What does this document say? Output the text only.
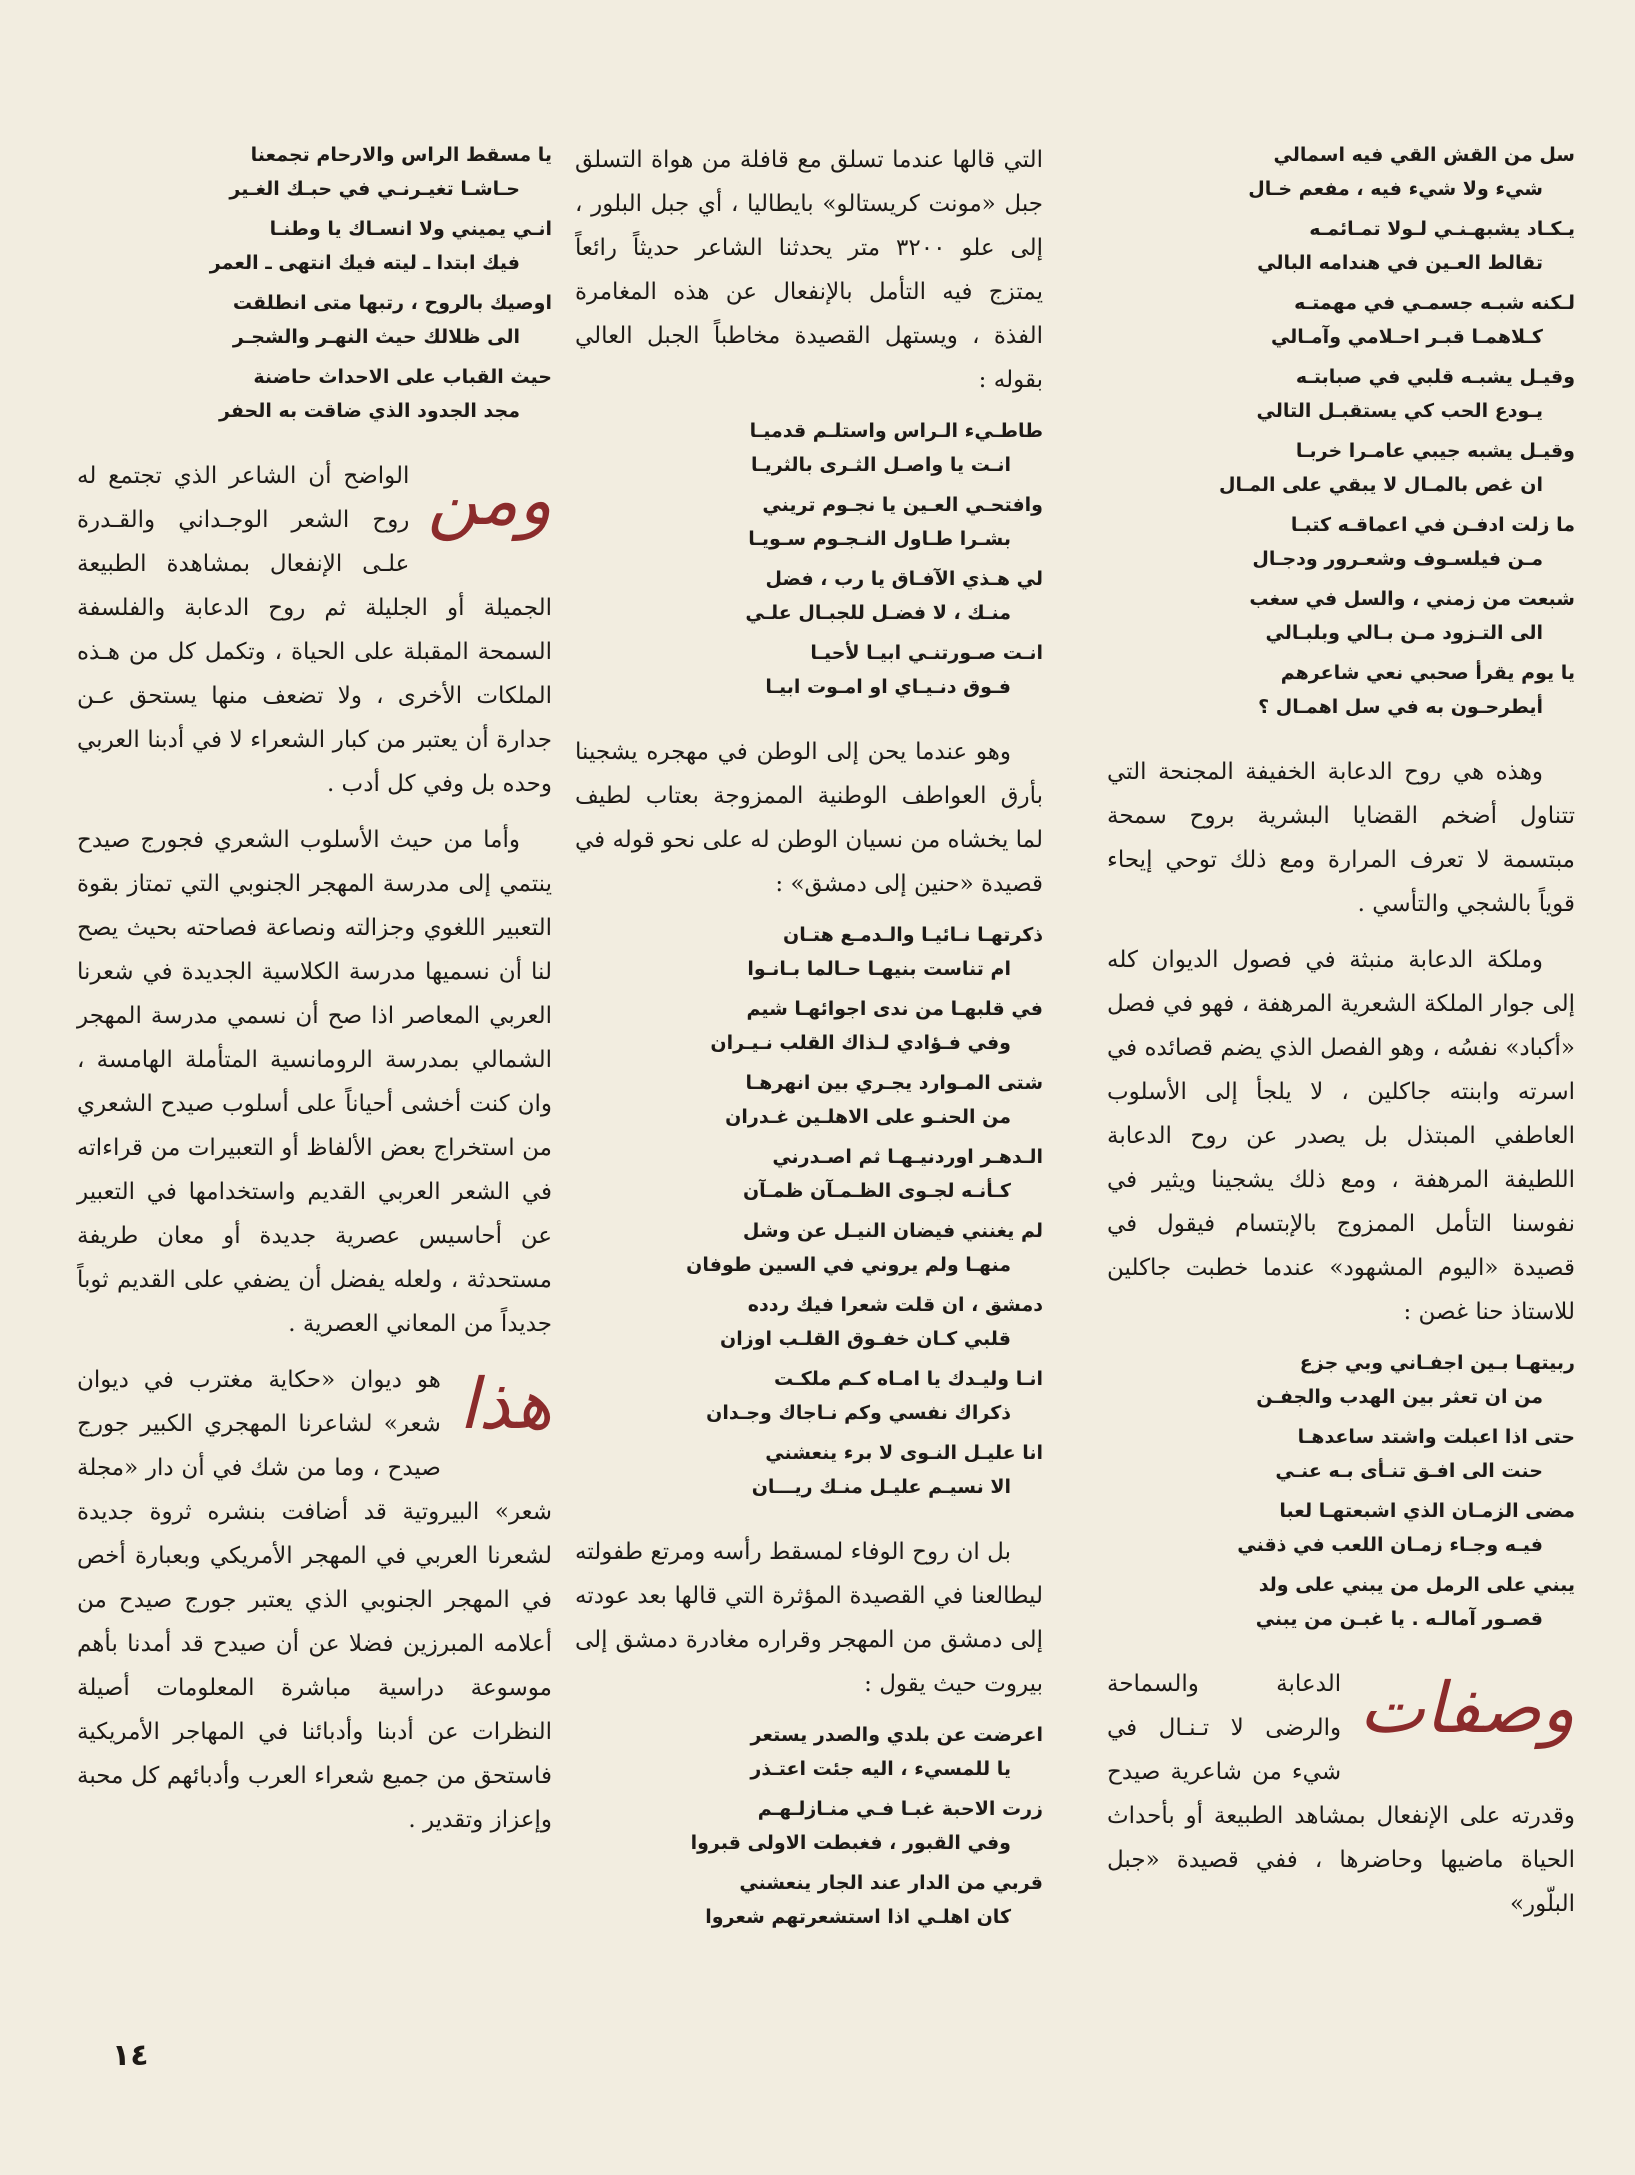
سل من القش القي فيه اسمالي
شيء ولا شيء فيه ، مفعم خـال
يـكـاد يشبهـنـي لـولا تمـائمـه
تقالط العـين في هندامه البالي
لـكنه شبـه جسمـي في مهمتـه
كـلاهمـا قبـر احـلامي وآمـالي
وقيـل يشبـه قلبي في صبابتـه
يـودع الحب كي يستقبـل التالي
وقيـل يشبه جيبي عامـرا خربـا
ان غص بالمـال لا يبقي على المـال
ما زلت ادفـن في اعماقـه كتبـا
مـن فيلسـوف وشعـرور ودجـال
شبعت من زمني ، والسل في سغب
الى التـزود مـن بـالي وبلبـالي
يا يوم يقرأ صحبي نعي شاعرهم
أيطرحـون به في سل اهمـال ؟

وهذه هي روح الدعابة الخفيفة المجنحة التي تتناول أضخم القضايا البشرية بروح سمحة مبتسمة لا تعرف المرارة ومع ذلك توحي إيحاء قوياً بالشجي والتأسي .

وملكة الدعابة منبثة في فصول الديوان كله إلى جوار الملكة الشعرية المرهفة ، فهو في فصل «أكباد» نفسُه ، وهو الفصل الذي يضم قصائده في اسرته وابنته جاكلين ، لا يلجأ إلى الأسلوب العاطفي المبتذل بل يصدر عن روح الدعابة اللطيفة المرهفة ، ومع ذلك يشجينا ويثير في نفوسنا التأمل الممزوج بالإبتسام فيقول في قصيدة «اليوم المشهود» عندما خطبت جاكلين للاستاذ حنا غصن :

ربيتهـا بـين اجفـاني وبي جزع
من ان تعثر بين الهدب والجفـن
حتى اذا اعبلت واشتد ساعدهـا
حنت الى افـق تنـأى بـه عنـي
مضى الزمـان الذي اشبعتهـا لعبا
فيـه وجـاء زمـان اللعب في ذقني
يبني على الرمل من يبني على ولد
قصـور آمالـه . يا غبـن من يبني

وصفات
الدعابة والسماحة والرضى لا تـنـال في شيء من شاعرية صيدح وقدرته على الإنفعال بمشاهد الطبيعة أو بأحداث الحياة ماضيها وحاضرها ، ففي قصيدة «جبل البلّور»

التي قالها عندما تسلق مع قافلة من هواة التسلق جبل «مونت كريستالو» بايطاليا ، أي جبل البلور ، إلى علو ٣٢٠٠ متر يحدثنا الشاعر حديثاً رائعاً يمتزج فيه التأمل بالإنفعال عن هذه المغامرة الفذة ، ويستهل القصيدة مخاطباً الجبل العالي بقوله :

طاطـيء الـراس واستلـم قدميـا
انـت يا واصـل الثـرى بالثريـا
وافتحـي العـين يا نجـوم تريني
بشـرا طـاول النـجـوم سـويـا
لي هـذي الآفـاق يا رب ، فضل
منـك ، لا فضـل للجبـال علـي
انـت صـورتنـي ابيـا لأحيـا
فـوق دنـيـاي او امـوت ابيـا

وهو عندما يحن إلى الوطن في مهجره يشجينا بأرق العواطف الوطنية الممزوجة بعتاب لطيف لما يخشاه من نسيان الوطن له على نحو قوله في قصيدة «حنين إلى دمشق» :

ذكرتهـا نـائيـا والـدمـع هتـان
ام تناست بنيهـا حـالما بـانـوا
في قلبهـا من ندى اجوائهـا شيم
وفي فـؤادي لـذاك القلب نـيـران
شتى المـوارد يجـري بين انهرهـا
من الحنـو على الاهلـين غـدران
الـدهـر اوردنيـهـا ثم اصـدرني
كـأنـه لجـوى الظـمـآن ظمـآن
لم يغنني فيضان النيـل عن وشل
منهـا ولم يروني في السين طوفان
دمشق ، ان قلت شعرا فيك ردده
قلبي كـان خفـوق القلـب اوزان
انـا وليـدك يا امـاه كـم ملكـت
ذكراك نفسي وكم نـاجاك وجـدان
انا عليـل النـوى لا برء ينعشني
الا نسيـم عليـل منـك ريـــان

بل ان روح الوفاء لمسقط رأسه ومرتع طفولته ليطالعنا في القصيدة المؤثرة التي قالها بعد عودته إلى دمشق من المهجر وقراره مغادرة دمشق إلى بيروت حيث يقول :

اعرضت عن بلدي والصدر يستعر
يا للمسيء ، اليه جئت اعتـذر
زرت الاحبة غبـا فـي منـازلـهـم
وفي القبور ، فغبطت الاولى قبروا
قربي من الدار عند الجار ينعشني
كان اهلـي اذا استشعرتهم شعروا
يا مسقط الراس والارحام تجمعنا
حـاشـا تغيـرنـي في حبـك الغـير
انـي يميني ولا انسـاك يا وطنـا
فيك ابتدا ـ ليته فيك انتهى ـ العمر
اوصيك بالروح ، رتبها متى انطلقت
الى ظلالك حيث النهـر والشجـر
حيث القباب على الاحداث حاضنة
مجد الجدود الذي ضاقت به الحفر

ومن
الواضح أن الشاعر الذي تجتمع له روح الشعر الوجـداني والقـدرة علـى الإنفعال بمشاهدة الطبيعة الجميلة أو الجليلة ثم روح الدعابة والفلسفة السمحة المقبلة على الحياة ، وتكمل كل من هـذه الملكات الأخرى ، ولا تضعف منها يستحق عـن جدارة أن يعتبر من كبار الشعراء لا في أدبنا العربي وحده بل وفي كل أدب .

وأما من حيث الأسلوب الشعري فجورج صيدح ينتمي إلى مدرسة المهجر الجنوبي التي تمتاز بقوة التعبير اللغوي وجزالته ونصاعة فصاحته بحيث يصح لنا أن نسميها مدرسة الكلاسية الجديدة في شعرنا العربي المعاصر اذا صح أن نسمي مدرسة المهجر الشمالي بمدرسة الرومانسية المتأملة الهامسة ، وان كنت أخشى أحياناً على أسلوب صيدح الشعري من استخراج بعض الألفاظ أو التعبيرات من قراءاته في الشعر العربي القديم واستخدامها في التعبير عن أحاسيس عصرية جديدة أو معان طريفة مستحدثة ، ولعله يفضل أن يضفي على القديم ثوباً جديداً من المعاني العصرية .

هذا
هو ديوان «حكاية مغترب في ديوان شعر» لشاعرنا المهجري الكبير جورج صيدح ، وما من شك في أن دار «مجلة شعر» البيروتية قد أضافت بنشره ثروة جديدة لشعرنا العربي في المهجر الأمريكي وبعبارة أخص في المهجر الجنوبي الذي يعتبر جورج صيدح من أعلامه المبرزين فضلا عن أن صيدح قد أمدنا بأهم موسوعة دراسية مباشرة المعلومات أصيلة النظرات عن أدبنا وأدبائنا في المهاجر الأمريكية فاستحق من جميع شعراء العرب وأدبائهم كل محبة وإعزاز وتقدير .

١٤
